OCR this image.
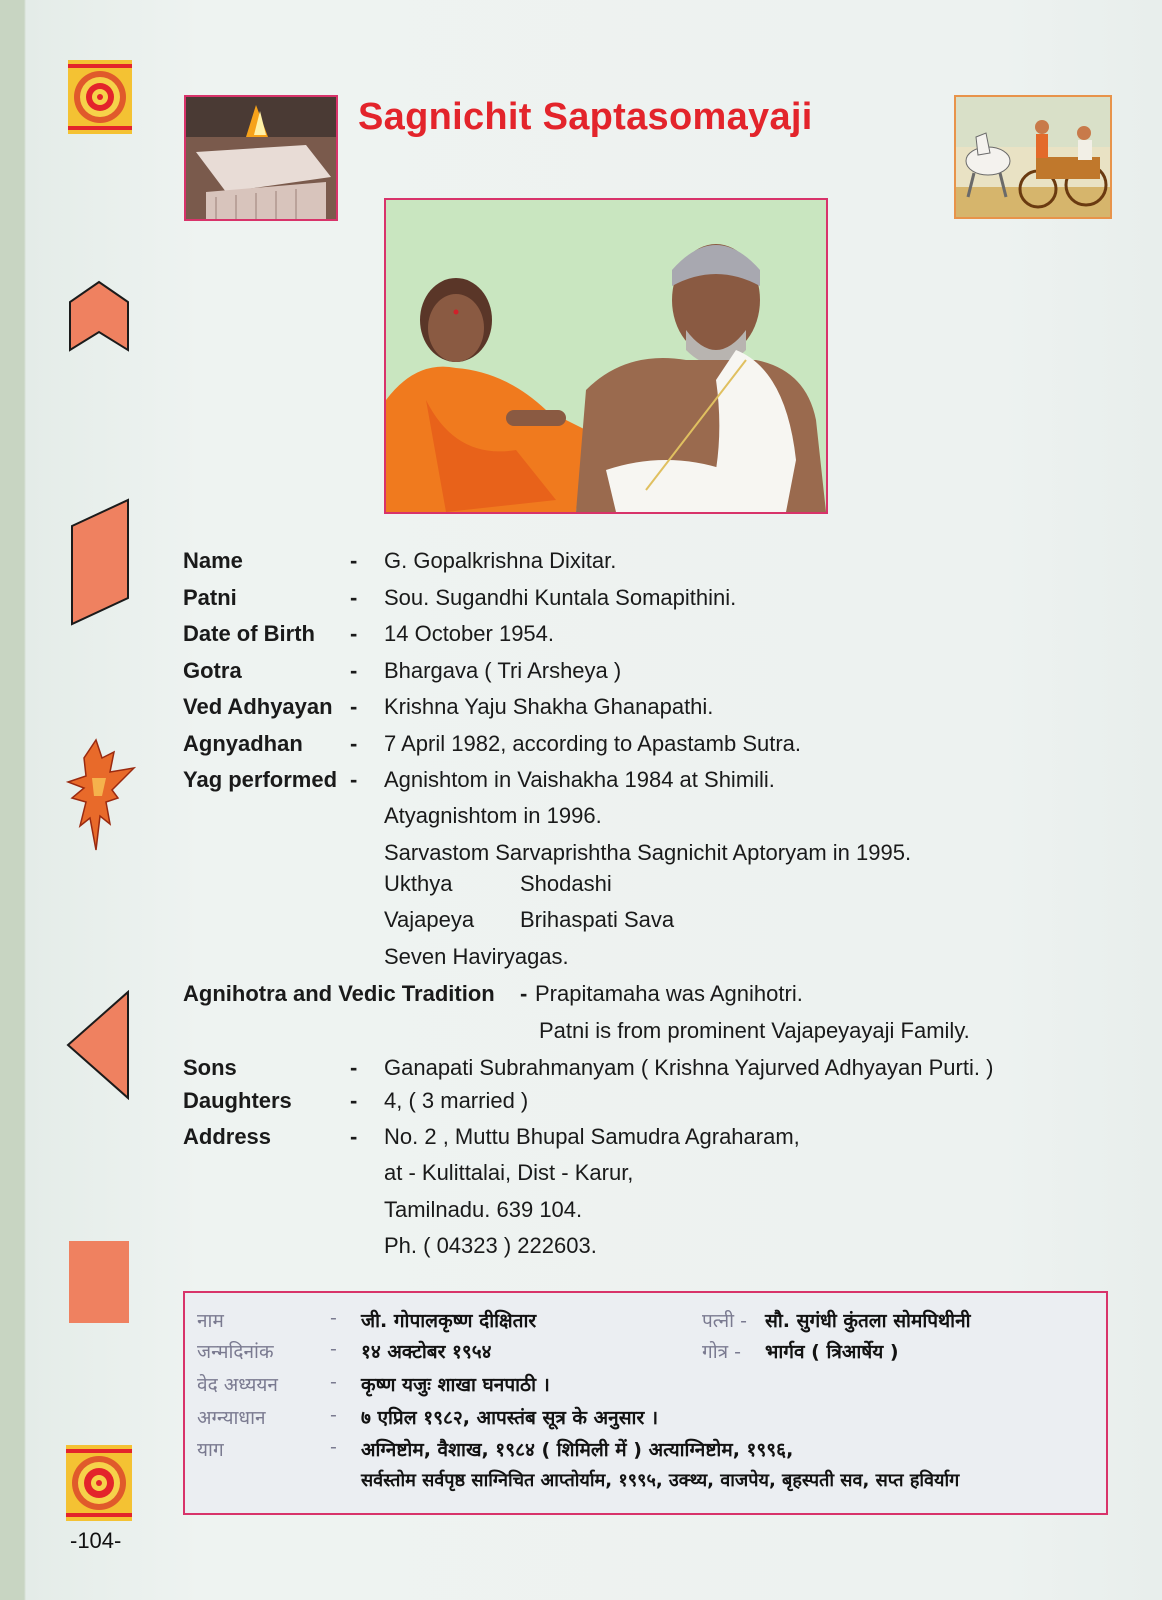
-104-
Sagnichit Saptasomayaji
Name	- G. Gopalkrishna Dixitar.
Patni	- Sou. Sugandhi Kuntala Somapithini.
Date of Birth - 14 October 1954.
Gotra	- Bhargava ( Tri Arsheya )
Ved Adhyayan - Krishna Yaju Shakha Ghanapathi.
Agnyadhan - 7 April 1982, according to Apastamb Sutra.
Yag performed - Agnishtom in Vaishakha 1984 at Shimili.
Atyagnishtom in 1996.
Sarvastom Sarvaprishtha Sagnichit Aptoryam in 1995.
Ukthya	Shodashi
Vajapeya Brihaspati Sava
Seven Haviryagas.
Agnihotra and Vedic Tradition - Prapitamaha was Agnihotri.
Patni is from prominent Vajapeyayaji Family.
Sons	- Ganapati Subrahmanyam ( Krishna Yajurved Adhyayan Purti. )
Daughters	- 4, ( 3 married )
Address	- No. 2 , Muttu Bhupal Samudra Agraharam,
at - Kulittalai, Dist - Karur,
Tamilnadu. 639 104.
Ph. ( 04323 ) 222603.
नाम	- जी. गोपालकृष्ण दीक्षितार	पत्नी - सौ. सुगंधी कुंतला सोमपिथीनी
जन्मदिनांक	- १४ अक्टोबर १९५४	गोत्र - भार्गव ( त्रिआर्षेय )
वेद अध्ययन	- कृष्ण यजुः शाखा घनपाठी ।
अग्न्याधान	- ७ एप्रिल १९८२, आपस्तंब सूत्र के अनुसार ।
याग	- अग्निष्टोम, वैशाख, १९८४ ( शिमिली में ) अत्याग्निष्टोम, १९९६,
सर्वस्तोम सर्वपृष्ठ साग्निचित आप्तोर्याम, १९९५, उक्थ्य, वाजपेय, बृहस्पती सव, सप्त हविर्याग
